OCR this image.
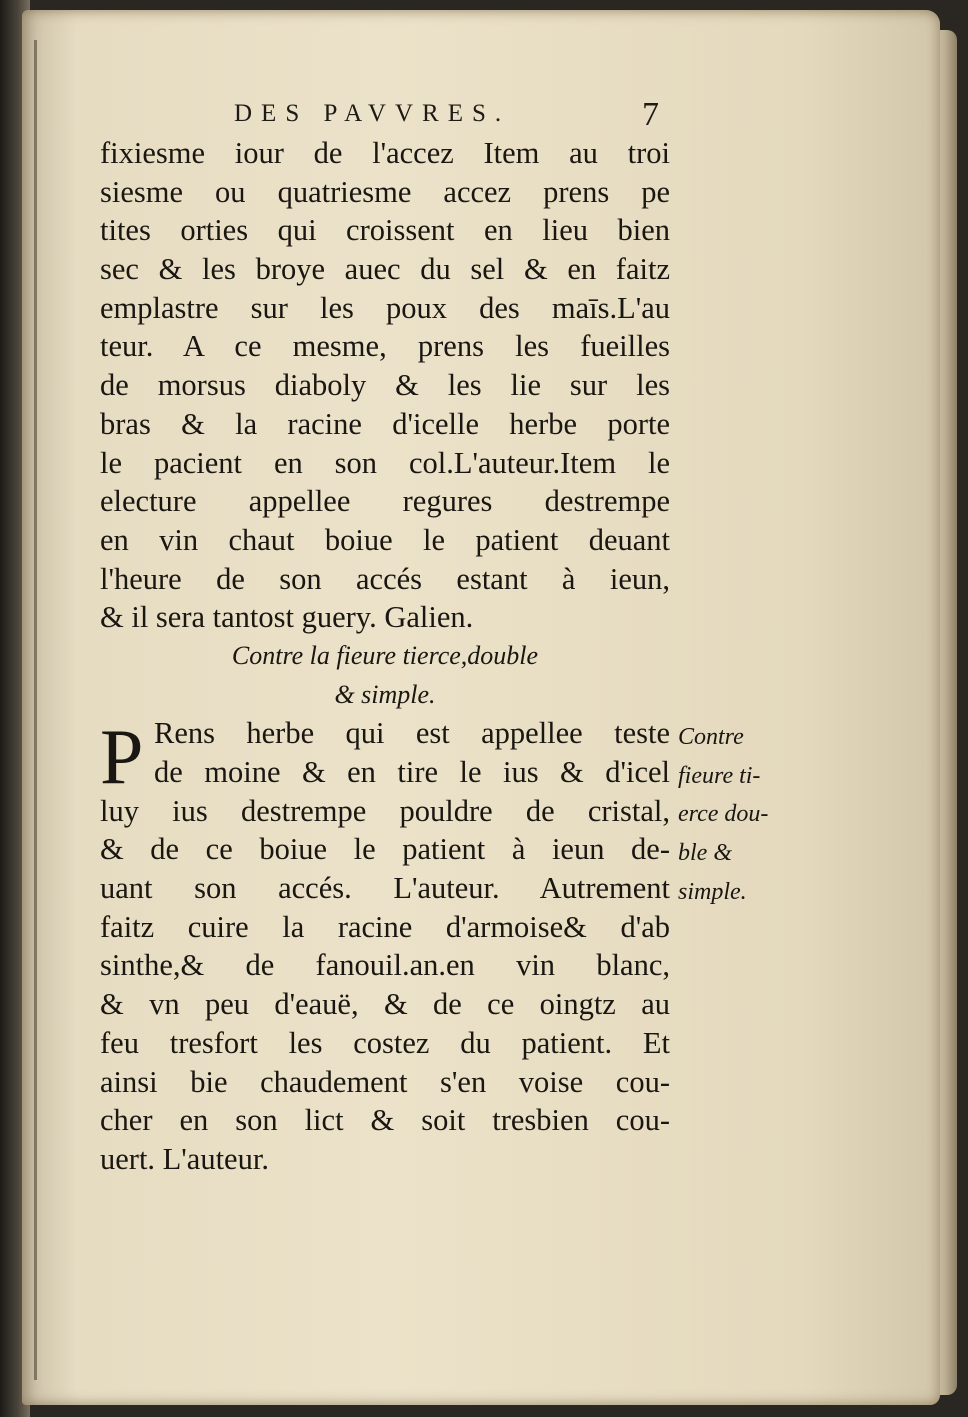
DES PAVVRES.	7
fixiesme iour de l'accez Item au troi
siesme ou quatriesme accez prens pe
tites orties qui croissent en lieu bien
sec & les broye auec du sel & en faitz
emplastre sur les poux des maīs.L'au
teur. A ce mesme, prens les fueilles
de morsus diaboly & les lie sur les
bras & la racine d'icelle herbe porte
le pacient en son col.L'auteur.Item le
electure appellee regures destrempe
en vin chaut boiue le patient deuant
l'heure de son accés estant à ieun,
& il sera tantost guery. Galien.
Contre la fieure tierce,double
& simple.
P Rens herbe qui est appellee teste
de moine & en tire le ius & d'icel
luy ius destrempe pouldre de cristal,
& de ce boiue le patient à ieun de-
uant son accés. L'auteur. Autrement
faitz cuire la racine d'armoise& d'ab
sinthe,& de fanouil.an.en vin blanc,
& vn peu d'eauë, & de ce oingtz au
feu tresfort les costez du patient. Et
ainsi bie chaudement s'en voise cou-
cher en son lict & soit tresbien cou-
uert. L'auteur.
Contre
fieure ti-
erce dou-
ble &
simple.
